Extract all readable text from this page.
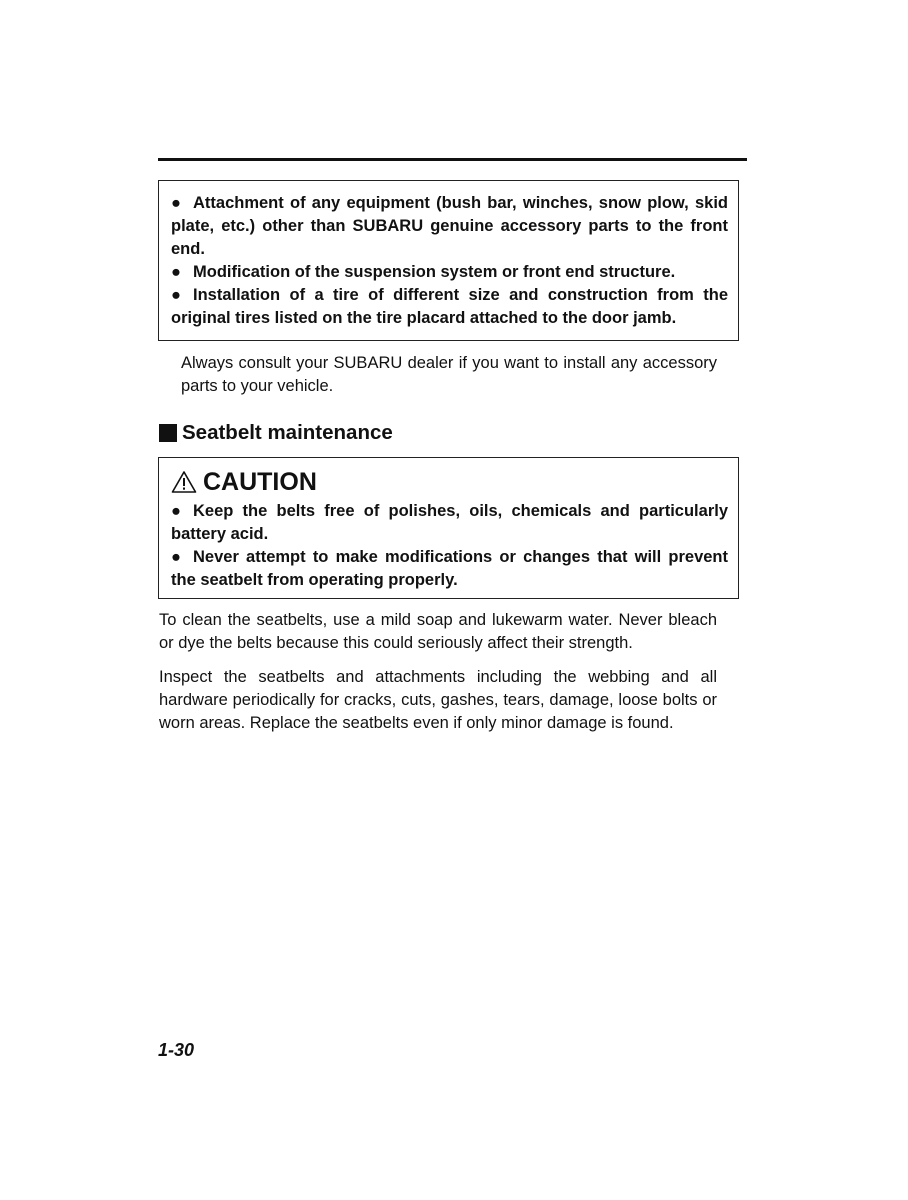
● Attachment of any equipment (bush bar, winches, snow plow, skid plate, etc.) other than SUBARU genuine accessory parts to the front end.
● Modification of the suspension system or front end structure.
● Installation of a tire of different size and construction from the original tires listed on the tire placard attached to the door jamb.
Always consult your SUBARU dealer if you want to install any accessory parts to your vehicle.
Seatbelt maintenance
CAUTION
● Keep the belts free of polishes, oils, chemicals and particularly battery acid.
● Never attempt to make modifications or changes that will prevent the seatbelt from operating properly.
To clean the seatbelts, use a mild soap and lukewarm water. Never bleach or dye the belts because this could seriously affect their strength.
Inspect the seatbelts and attachments including the webbing and all hardware periodically for cracks, cuts, gashes, tears, damage, loose bolts or worn areas. Replace the seatbelts even if only minor damage is found.
1-30
